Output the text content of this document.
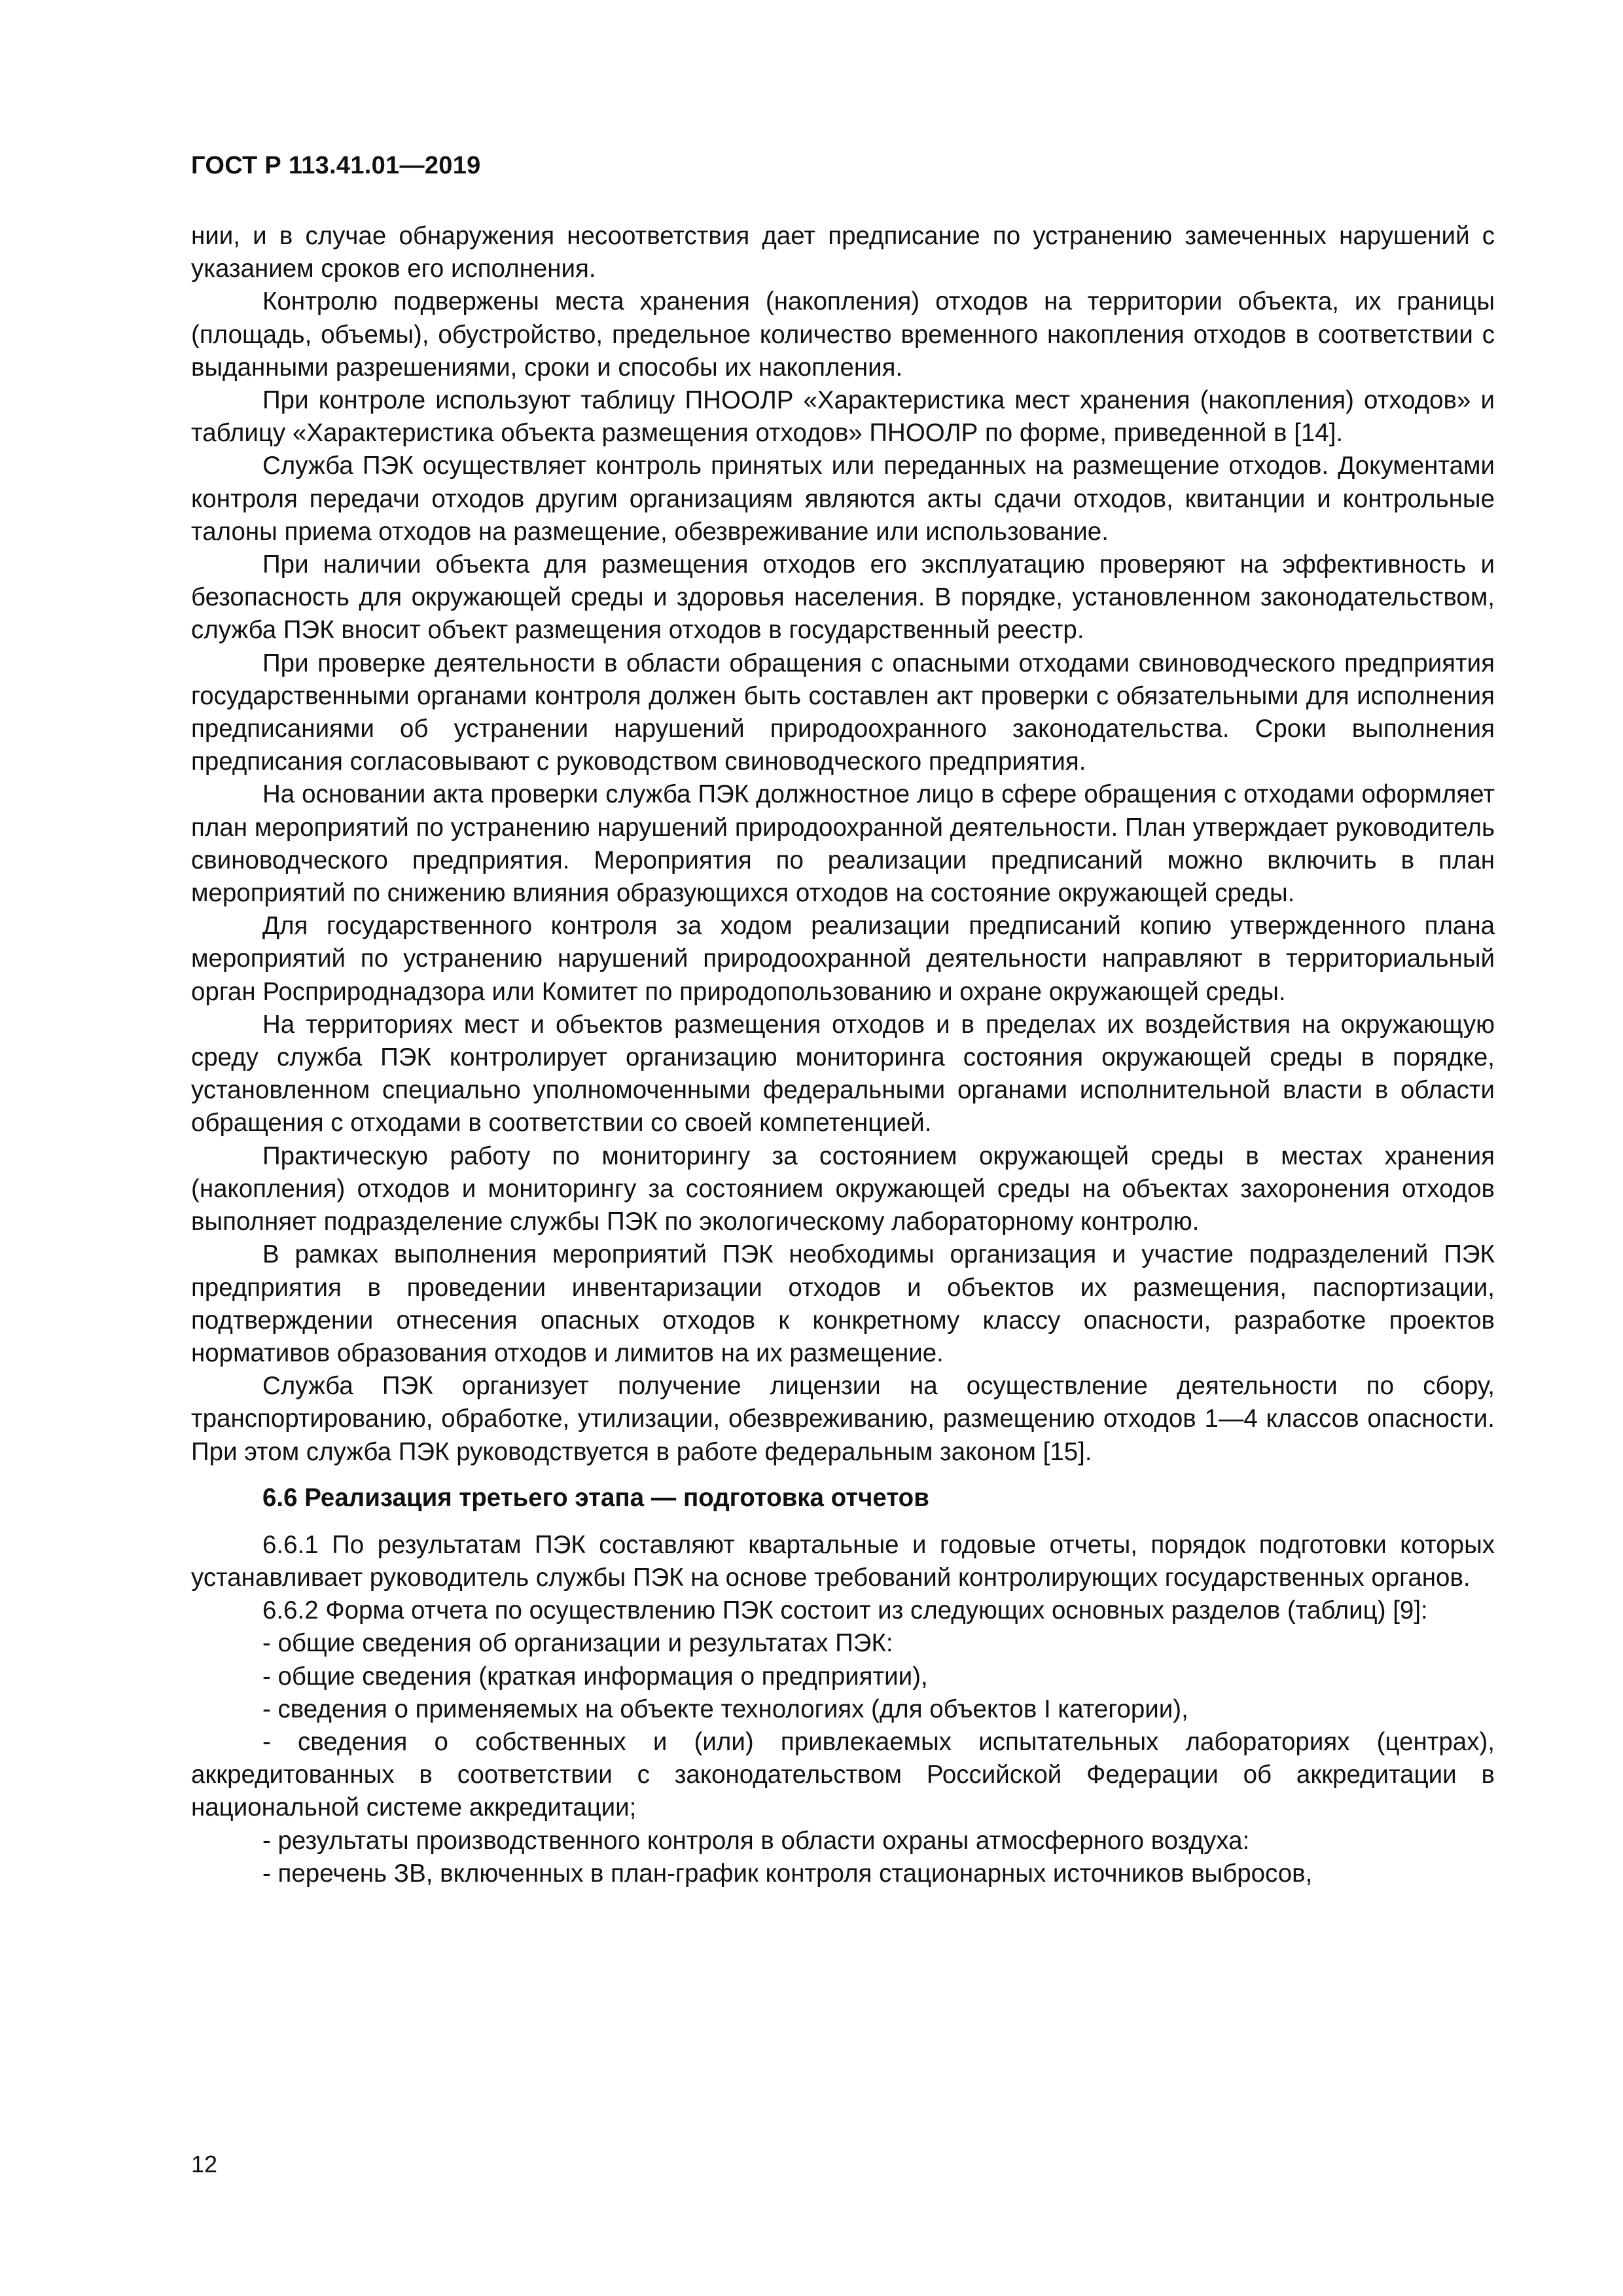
ГОСТ Р 113.41.01—2019

нии, и в случае обнаружения несоответствия дает предписание по устранению замеченных нарушений с указанием сроков его исполнения.

Контролю подвержены места хранения (накопления) отходов на территории объекта, их границы (площадь, объемы), обустройство, предельное количество временного накопления отходов в соответствии с выданными разрешениями, сроки и способы их накопления.

При контроле используют таблицу ПНООЛР «Характеристика мест хранения (накопления) отходов» и таблицу «Характеристика объекта размещения отходов» ПНООЛР по форме, приведенной в [14].

Служба ПЭК осуществляет контроль принятых или переданных на размещение отходов. Документами контроля передачи отходов другим организациям являются акты сдачи отходов, квитанции и контрольные талоны приема отходов на размещение, обезвреживание или использование.

При наличии объекта для размещения отходов его эксплуатацию проверяют на эффективность и безопасность для окружающей среды и здоровья населения. В порядке, установленном законодательством, служба ПЭК вносит объект размещения отходов в государственный реестр.

При проверке деятельности в области обращения с опасными отходами свиноводческого предприятия государственными органами контроля должен быть составлен акт проверки с обязательными для исполнения предписаниями об устранении нарушений природоохранного законодательства. Сроки выполнения предписания согласовывают с руководством свиноводческого предприятия.

На основании акта проверки служба ПЭК должностное лицо в сфере обращения с отходами оформляет план мероприятий по устранению нарушений природоохранной деятельности. План утверждает руководитель свиноводческого предприятия. Мероприятия по реализации предписаний можно включить в план мероприятий по снижению влияния образующихся отходов на состояние окружающей среды.

Для государственного контроля за ходом реализации предписаний копию утвержденного плана мероприятий по устранению нарушений природоохранной деятельности направляют в территориальный орган Росприроднадзора или Комитет по природопользованию и охране окружающей среды.

На территориях мест и объектов размещения отходов и в пределах их воздействия на окружающую среду служба ПЭК контролирует организацию мониторинга состояния окружающей среды в порядке, установленном специально уполномоченными федеральными органами исполнительной власти в области обращения с отходами в соответствии со своей компетенцией.

Практическую работу по мониторингу за состоянием окружающей среды в местах хранения (накопления) отходов и мониторингу за состоянием окружающей среды на объектах захоронения отходов выполняет подразделение службы ПЭК по экологическому лабораторному контролю.

В рамках выполнения мероприятий ПЭК необходимы организация и участие подразделений ПЭК предприятия в проведении инвентаризации отходов и объектов их размещения, паспортизации, подтверждении отнесения опасных отходов к конкретному классу опасности, разработке проектов нормативов образования отходов и лимитов на их размещение.

Служба ПЭК организует получение лицензии на осуществление деятельности по сбору, транспортированию, обработке, утилизации, обезвреживанию, размещению отходов 1—4 классов опасности. При этом служба ПЭК руководствуется в работе федеральным законом [15].

6.6 Реализация третьего этапа — подготовка отчетов

6.6.1 По результатам ПЭК составляют квартальные и годовые отчеты, порядок подготовки которых устанавливает руководитель службы ПЭК на основе требований контролирующих государственных органов.

6.6.2 Форма отчета по осуществлению ПЭК состоит из следующих основных разделов (таблиц) [9]:

- общие сведения об организации и результатах ПЭК:

- общие сведения (краткая информация о предприятии),

- сведения о применяемых на объекте технологиях (для объектов I категории),

- сведения о собственных и (или) привлекаемых испытательных лабораториях (центрах), аккредитованных в соответствии с законодательством Российской Федерации об аккредитации в национальной системе аккредитации;

- результаты производственного контроля в области охраны атмосферного воздуха:

- перечень ЗВ, включенных в план-график контроля стационарных источников выбросов,

12
